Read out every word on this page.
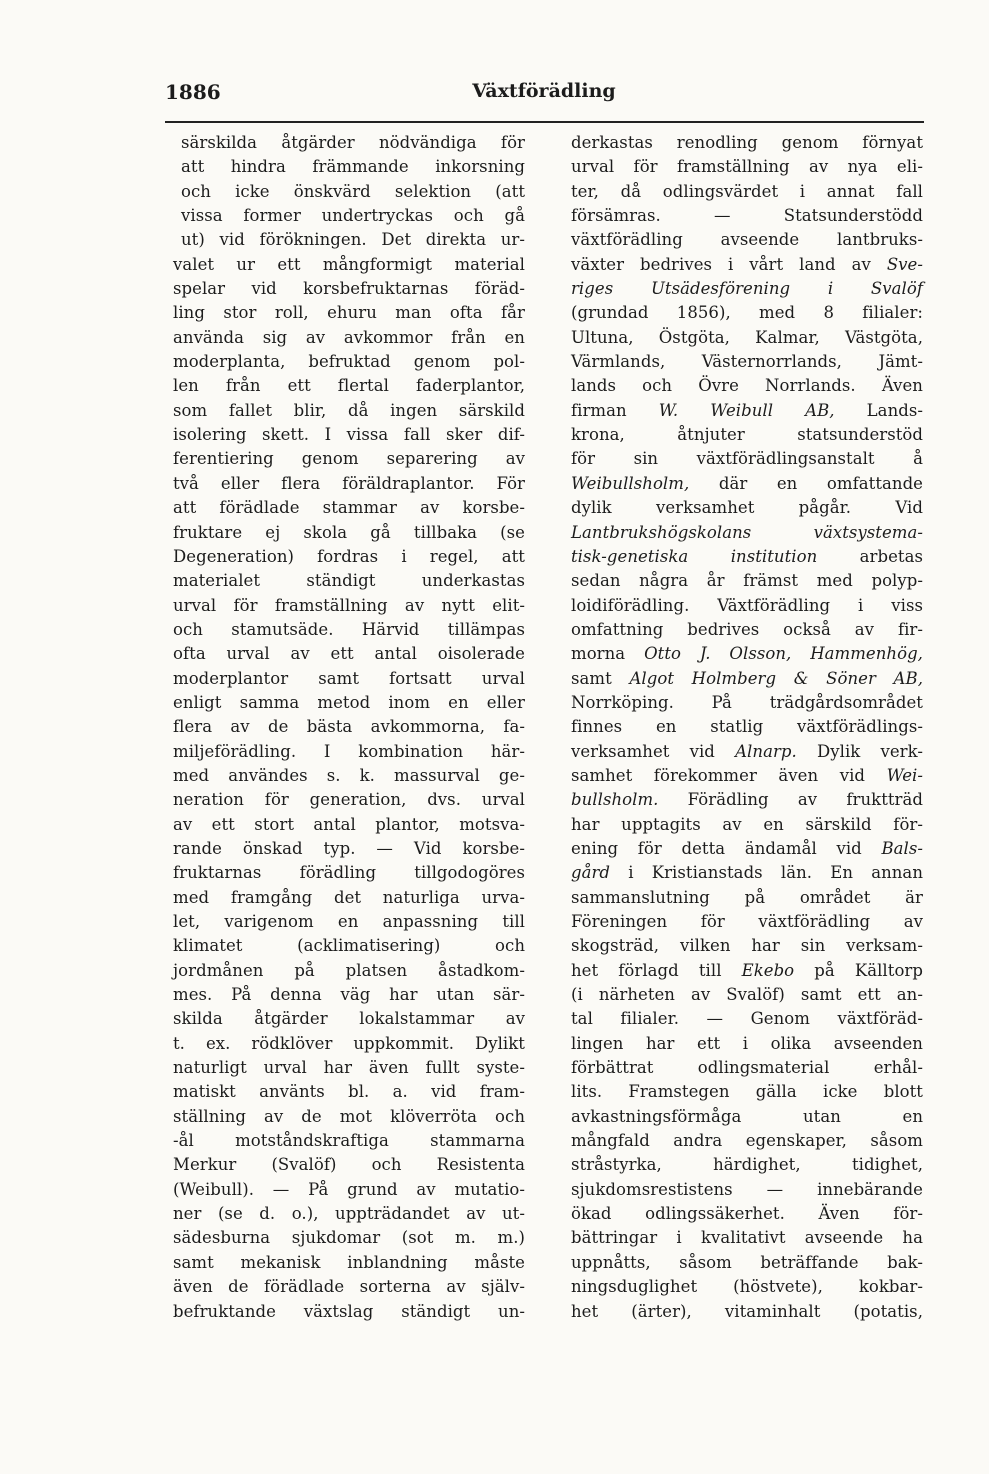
1886	Växtförädling
särskilda åtgärder nödvändiga för
att hindra främmande inkorsning
och icke önskvärd selektion (att
vissa former undertryckas och gå
ut) vid förökningen. Det direkta ur-
valet ur ett mångformigt material
spelar vid korsbefruktarnas föräd-
ling stor roll, ehuru man ofta får
använda sig av avkommor från en
moderplanta, befruktad genom pol-
len från ett flertal faderplantor,
som fallet blir, då ingen särskild
isolering skett. I vissa fall sker dif-
ferentiering genom separering av
två eller flera föräldraplantor. För
att förädlade stammar av korsbe-
fruktare ej skola gå tillbaka (se
Degeneration) fordras i regel, att
materialet ständigt underkastas
urval för framställning av nytt elit-
och stamutsäde. Härvid tillämpas
ofta urval av ett antal oisolerade
moderplantor samt fortsatt urval
enligt samma metod inom en eller
flera av de bästa avkommorna, fa-
miljeförädling. I kombination här-
med användes s. k. massurval ge-
neration för generation, dvs. urval
av ett stort antal plantor, motsva-
rande önskad typ. — Vid korsbe-
fruktarnas förädling tillgodogöres
med framgång det naturliga urva-
let, varigenom en anpassning till
klimatet (acklimatisering) och
jordmånen på platsen åstadkom-
mes. På denna väg har utan sär-
skilda åtgärder lokalstammar av
t. ex. rödklöver uppkommit. Dylikt
naturligt urval har även fullt syste-
matiskt använts bl. a. vid fram-
ställning av de mot klöverröta och
-ål motståndskraftiga stammarna
Merkur (Svalöf) och Resistenta
(Weibull). — På grund av mutatio-
ner (se d. o.), uppträdandet av ut-
sädesburna sjukdomar (sot m. m.)
samt mekanisk inblandning måste
även de förädlade sorterna av själv-
befruktande växtslag ständigt un-
derkastas renodling genom förnyat
urval för framställning av nya eli-
ter, då odlingsvärdet i annat fall
försämras. — Statsunderstödd
växtförädling avseende lantbruks-
växter bedrives i vårt land av Sve-
riges Utsädesförening i Svalöf
(grundad 1856), med 8 filialer:
Ultuna, Östgöta, Kalmar, Västgöta,
Värmlands, Västernorrlands, Jämt-
lands och Övre Norrlands. Även
firman W. Weibull AB, Lands-
krona, åtnjuter statsunderstöd
för sin växtförädlingsanstalt å
Weibullsholm, där en omfattande
dylik verksamhet pågår. Vid
Lantbrukshögskolans växtsystema-
tisk-genetiska institution arbetas
sedan några år främst med polyp-
loidiförädling. Växtförädling i viss
omfattning bedrives också av fir-
morna Otto J. Olsson, Hammenhög,
samt Algot Holmberg & Söner AB,
Norrköping. På trädgårdsområdet
finnes en statlig växtförädlings-
verksamhet vid Alnarp. Dylik verk-
samhet förekommer även vid Wei-
bullsholm. Förädling av fruktträd
har upptagits av en särskild för-
ening för detta ändamål vid Bals-
gård i Kristianstads län. En annan
sammanslutning på området är
Föreningen för växtförädling av
skogsträd, vilken har sin verksam-
het förlagd till Ekebo på Källtorp
(i närheten av Svalöf) samt ett an-
tal filialer. — Genom växtföräd-
lingen har ett i olika avseenden
förbättrat odlingsmaterial erhål-
lits. Framstegen gälla icke blott
avkastningsförmåga utan en
mångfald andra egenskaper, såsom
stråstyrka, härdighet, tidighet,
sjukdomsrestistens — innebärande
ökad odlingssäkerhet. Även för-
bättringar i kvalitativt avseende ha
uppnåtts, såsom beträffande bak-
ningsduglighet (höstvete), kokbar-
het (ärter), vitaminhalt (potatis,
